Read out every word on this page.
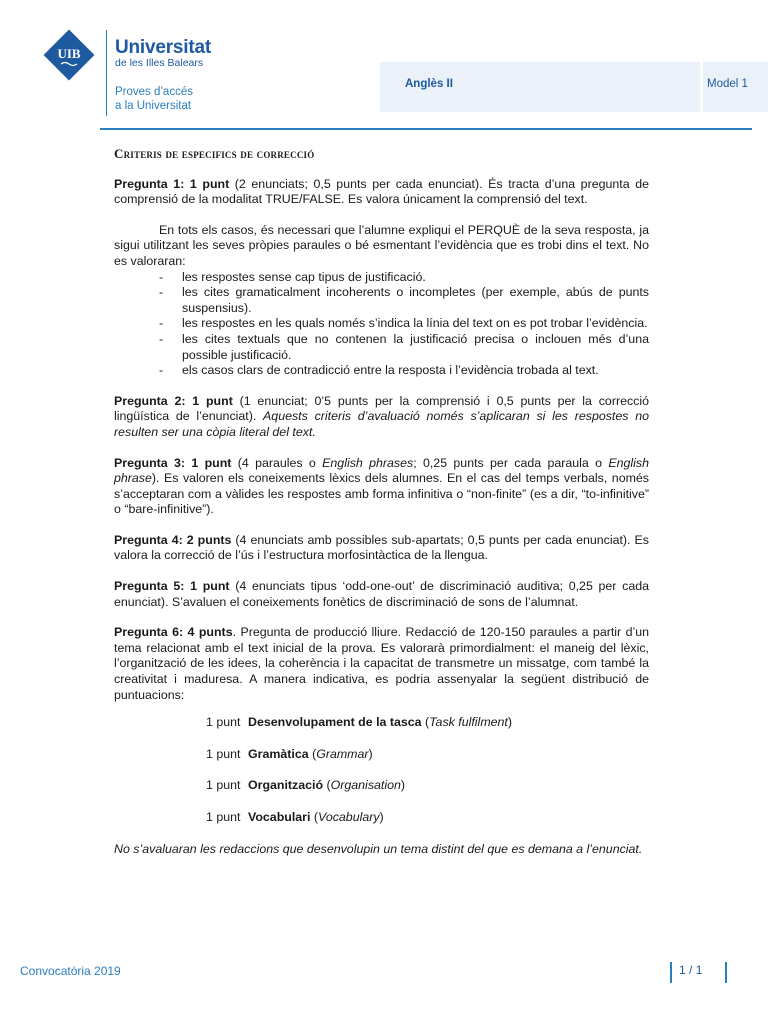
UIB Universitat
de les Illes Balears
Proves d’accés
a la Universitat
Anglès II	Model 1

Criteris de especifics de correcció

Pregunta 1: 1 punt (2 enunciats; 0,5 punts per cada enunciat). És tracta d’una pregunta de comprensió de la modalitat TRUE/FALSE. Es valora únicament la comprensió del text.

En tots els casos, és necessari que l’alumne expliqui el PERQUÈ de la seva resposta, ja sigui utilitzant les seves pròpies paraules o bé esmentant l’evidència que es trobi dins el text. No es valoraran:

- les respostes sense cap tipus de justificació.
- les cites gramaticalment incoherents o incompletes (per exemple, abús de punts suspensius).
- les respostes en les quals només s’indica la línia del text on es pot trobar l’evidència.
- les cites textuals que no contenen la justificació precisa o inclouen més d’una possible justificació.
- els casos clars de contradicció entre la resposta i l’evidència trobada al text.

Pregunta 2: 1 punt (1 enunciat; 0’5 punts per la comprensió i 0,5 punts per la correcció lingüística de l’enunciat). Aquests criteris d’avaluació només s’aplicaran si les respostes no resulten ser una còpia literal del text.

Pregunta 3: 1 punt (4 paraules o English phrases; 0,25 punts per cada paraula o English phrase). Es valoren els coneixements lèxics dels alumnes. En el cas del temps verbals, només s’acceptaran com a vàlides les respostes amb forma infinitiva o “non-finite” (es a dir, “to-infinitive” o “bare-infinitive”).

Pregunta 4: 2 punts (4 enunciats amb possibles sub-apartats; 0,5 punts per cada enunciat). Es valora la correcció de l’ús i l’estructura morfosintàctica de la llengua.

Pregunta 5: 1 punt (4 enunciats tipus ‘odd-one-out’ de discriminació auditiva; 0,25 per cada enunciat). S’avaluen el coneixements fonètics de discriminació de sons de l’alumnat.

Pregunta 6: 4 punts. Pregunta de producció lliure. Redacció de 120-150 paraules a partir d’un tema relacionat amb el text inicial de la prova. Es valorarà primordialment: el maneig del lèxic, l’organització de les idees, la coherència i la capacitat de transmetre un missatge, com també la creativitat i maduresa. A manera indicativa, es podria assenyalar la següent distribució de puntuacions:

1 punt Desenvolupament de la tasca (Task fulfilment)
1 punt Gramàtica (Grammar)
1 punt Organització (Organisation)
1 punt Vocabulari (Vocabulary)

No s’avaluaran les redaccions que desenvolupin un tema distint del que es demana a l’enunciat.

Convocatòria 2019	1 / 1
